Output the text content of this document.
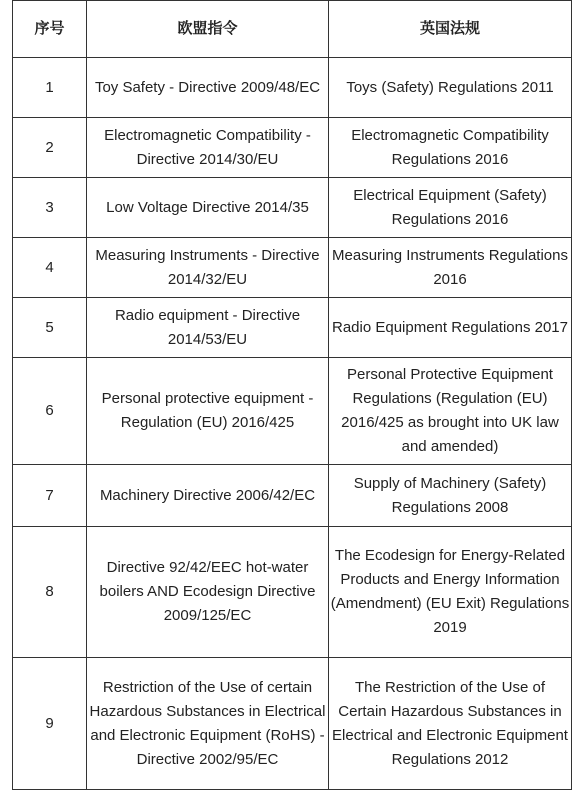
序号	欧盟指令	英国法规
1	Toy Safety - Directive 2009/48/EC	Toys (Safety) Regulations 2011
2	Electromagnetic Compatibility - Directive 2014/30/EU	Electromagnetic Compatibility Regulations 2016
3	Low Voltage Directive 2014/35	Electrical Equipment (Safety) Regulations 2016
4	Measuring Instruments - Directive 2014/32/EU	Measuring Instruments Regulations 2016
5	Radio equipment - Directive 2014/53/EU	Radio Equipment Regulations 2017
6	Personal protective equipment - Regulation (EU) 2016/425	Personal Protective Equipment Regulations (Regulation (EU) 2016/425 as brought into UK law and amended)
7	Machinery Directive 2006/42/EC	Supply of Machinery (Safety) Regulations 2008
8	Directive 92/42/EEC hot-water boilers AND Ecodesign Directive 2009/125/EC	The Ecodesign for Energy-Related Products and Energy Information (Amendment) (EU Exit) Regulations 2019
9	Restriction of the Use of certain Hazardous Substances in Electrical and Electronic Equipment (RoHS) - Directive 2002/95/EC	The Restriction of the Use of Certain Hazardous Substances in Electrical and Electronic Equipment Regulations 2012
